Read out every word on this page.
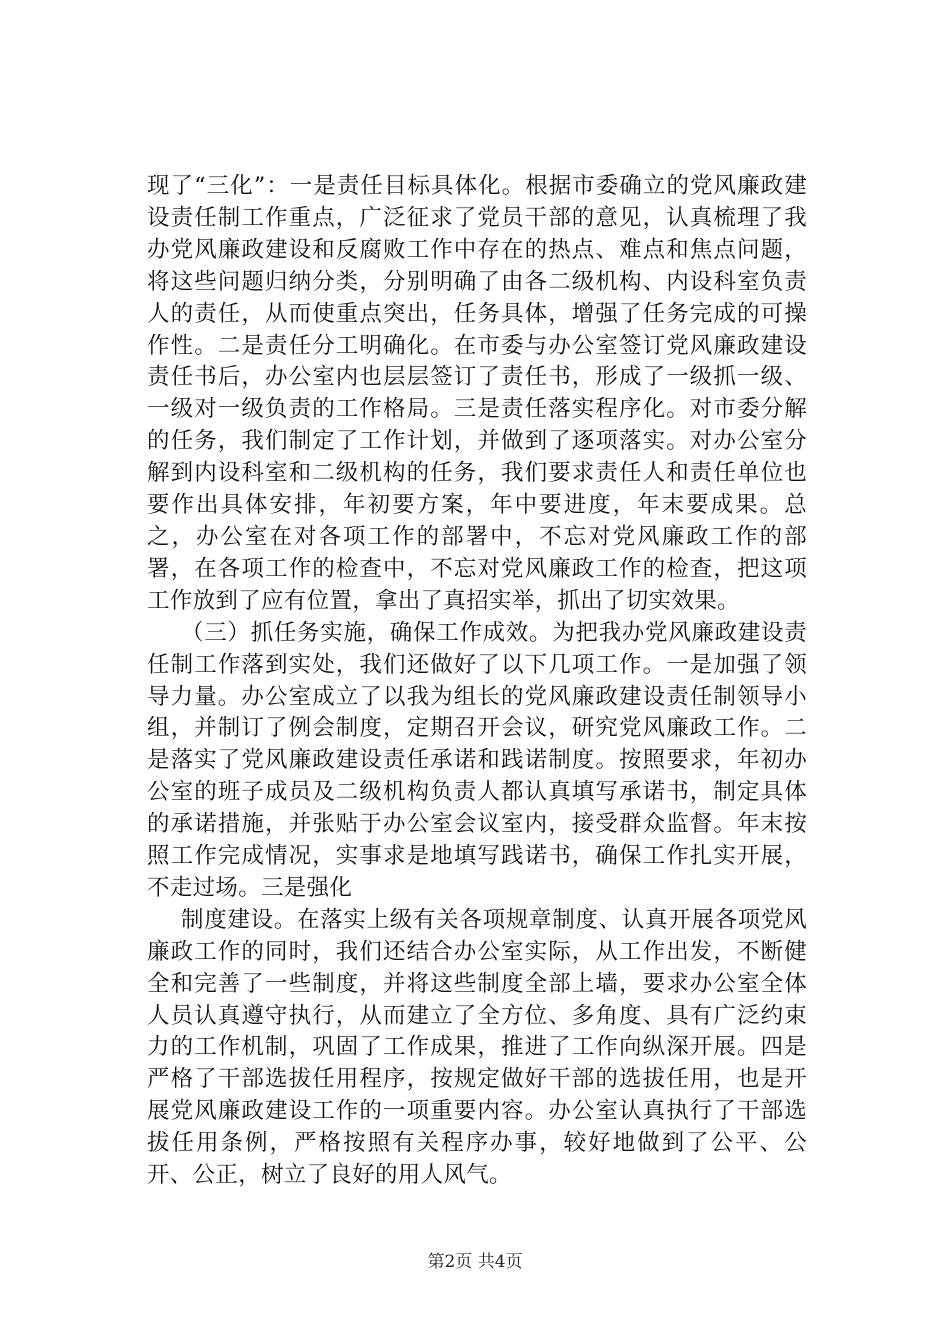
现了“三化”：一是责任目标具体化。根据市委确立的党风廉政建设责任制工作重点，广泛征求了党员干部的意见，认真梳理了我办党风廉政建设和反腐败工作中存在的热点、难点和焦点问题，将这些问题归纳分类，分别明确了由各二级机构、内设科室负责人的责任，从而使重点突出，任务具体，增强了任务完成的可操作性。二是责任分工明确化。在市委与办公室签订党风廉政建设责任书后，办公室内也层层签订了责任书，形成了一级抓一级、一级对一级负责的工作格局。三是责任落实程序化。对市委分解的任务，我们制定了工作计划，并做到了逐项落实。对办公室分解到内设科室和二级机构的任务，我们要求责任人和责任单位也要作出具体安排，年初要方案，年中要进度，年末要成果。总之，办公室在对各项工作的部署中，不忘对党风廉政工作的部署，在各项工作的检查中，不忘对党风廉政工作的检查，把这项工作放到了应有位置，拿出了真招实举，抓出了切实效果。

（三）抓任务实施，确保工作成效。为把我办党风廉政建设责任制工作落到实处，我们还做好了以下几项工作。一是加强了领导力量。办公室成立了以我为组长的党风廉政建设责任制领导小组，并制订了例会制度，定期召开会议，研究党风廉政工作。二是落实了党风廉政建设责任承诺和践诺制度。按照要求，年初办公室的班子成员及二级机构负责人都认真填写承诺书，制定具体的承诺措施，并张贴于办公室会议室内，接受群众监督。年末按照工作完成情况，实事求是地填写践诺书，确保工作扎实开展，不走过场。三是强化

制度建设。在落实上级有关各项规章制度、认真开展各项党风廉政工作的同时，我们还结合办公室实际，从工作出发，不断健全和完善了一些制度，并将这些制度全部上墙，要求办公室全体人员认真遵守执行，从而建立了全方位、多角度、具有广泛约束力的工作机制，巩固了工作成果，推进了工作向纵深开展。四是严格了干部选拔任用程序，按规定做好干部的选拔任用，也是开展党风廉政建设工作的一项重要内容。办公室认真执行了干部选拔任用条例，严格按照有关程序办事，较好地做到了公平、公开、公正，树立了良好的用人风气。

第2页 共4页
